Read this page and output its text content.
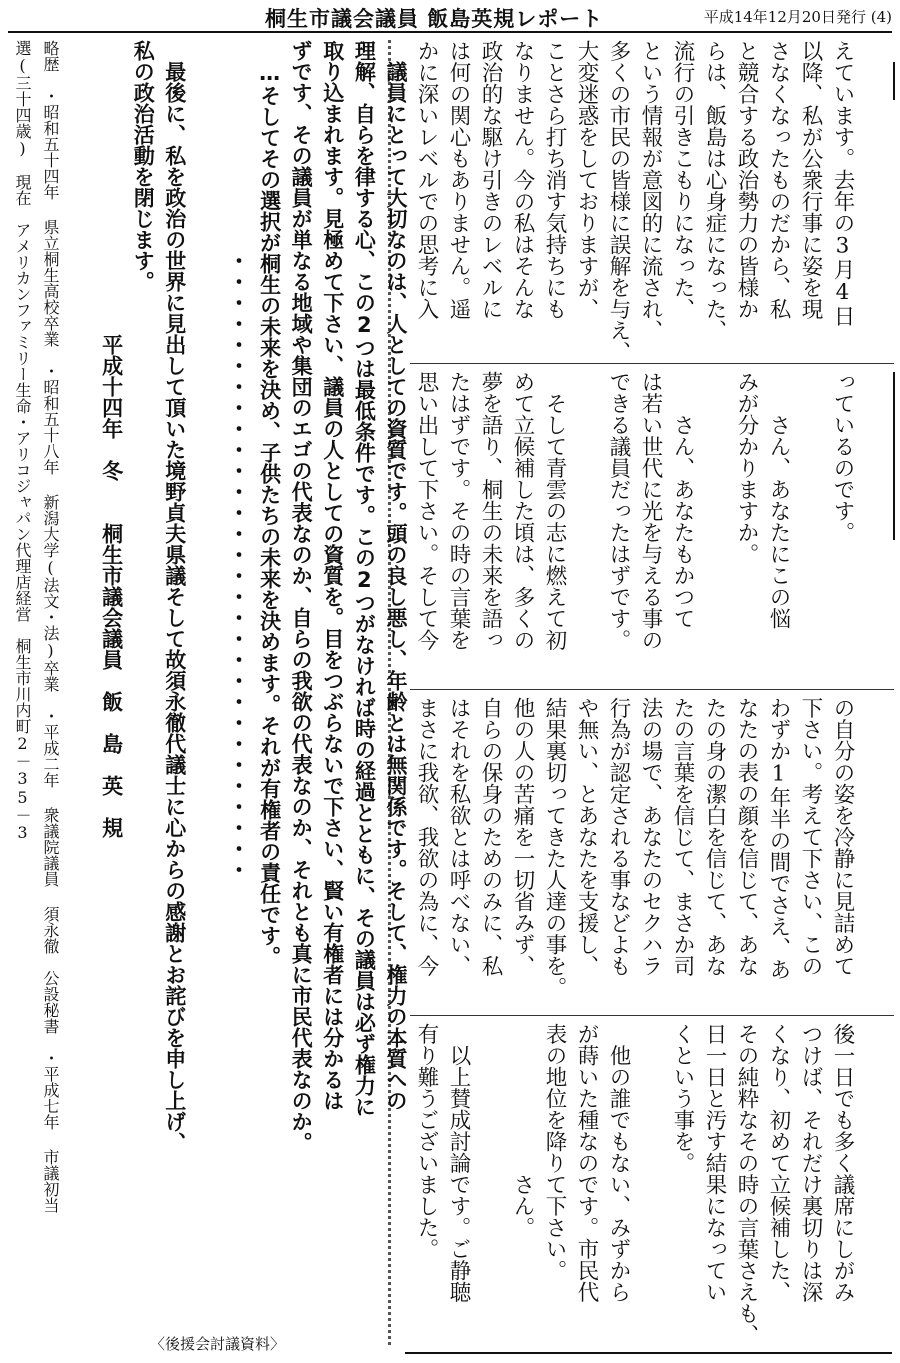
桐生市議会議員 飯島英規レポート	平成14年12月20日発行 (4)
えています。去年の3月4日
以降、私が公衆行事に姿を現
さなくなったものだから、私
と競合する政治勢力の皆様か
らは、飯島は心身症になった、
流行の引きこもりになった、
という情報が意図的に流され、
多くの市民の皆様に誤解を与え、
大変迷惑をしておりますが、
ことさら打ち消す気持ちにも
なりません。今の私はそんな
政治的な駆け引きのレベルに
は何の関心もありません。遥
かに深いレベルでの思考に入
っているのです。

　　さん、あなたにこの悩
みが分かりますか。

　　さん、あなたもかつて
は若い世代に光を与える事の
できる議員だったはずです。

　そして青雲の志に燃えて初
めて立候補した頃は、多くの
夢を語り、桐生の未来を語っ
たはずです。その時の言葉を
思い出して下さい。そして今
の自分の姿を冷静に見詰めて
下さい。考えて下さい、この
わずか1年半の間でさえ、あ
なたの表の顔を信じて、あな
たの身の潔白を信じて、あな
たの言葉を信じて、まさか司
法の場で、あなたのセクハラ
行為が認定される事などよも
や無い、とあなたを支援し、
結果裏切ってきた人達の事を。
他の人の苦痛を一切省みず、
自らの保身のためのみに、私
はそれを私欲とは呼べない、
まさに我欲、我欲の為に、今
後一日でも多く議席にしがみ
つけば、それだけ裏切りは深
くなり、初めて立候補した、
その純粋なその時の言葉さえも、
日一日と汚す結果になってい
くという事を。

　他の誰でもない、みずから
が蒔いた種なのです。市民代
表の地位を降りて下さい。
　　　　　　　さん。

　以上賛成討論です。ご静聴
有り難うございました。
　議員にとって大切なのは、人としての資質です。頭の良し悪し、年齢とは無関係です。そして、権力の本質への
理解、自らを律する心、この2つは最低条件です。この2つがなければ時の経過とともに、その議員は必ず権力に
取り込まれます。見極めて下さい、議員の人としての資質を。目をつぶらないで下さい、賢い有権者には分かるは
ずです、その議員が単なる地域や集団のエゴの代表なのか、自らの我欲の代表なのか、それとも真に市民代表なのか。
　…そしてその選択が桐生の未来を決め、子供たちの未来を決めます。それが有権者の責任です。
　　　　　　　　　　・・・・・・・・・・・・・・・・・・・・・・・・・・・・・・

　最後に、私を政治の世界に見出して頂いた境野貞夫県議そして故須永徹代議士に心からの感謝とお詫びを申し上げ、
私の政治活動を閉じます。
　　　　　　　　　　　　　　平成十四年　冬　　桐生市議会議員　飯　島　英　規
略歴　・昭和五十四年 県立桐生高校卒業　・昭和五十八年 新潟大学(法文・法)卒業　・平成二年 衆議院議員 須永徹　公設秘書　・平成七年 市議初当
選(三十四歳)　現在　アメリカンファミリー生命・アリコジャパン代理店経営　桐生市川内町2－35－3
〈後援会討議資料〉
